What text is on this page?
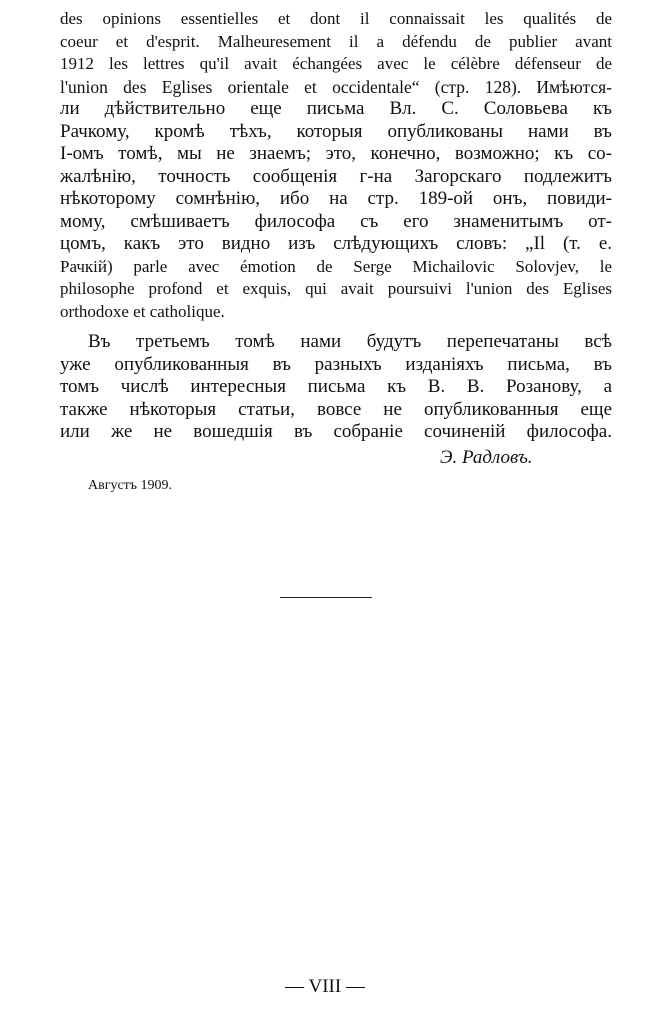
des opinions essentielles et dont il connaissait les qualités de
coeur et d'esprit. Malheuresement il a défendu de publier avant
1912 les lettres qu'il avait échangées avec le célèbre défenseur de
l'union des Eglises orientale et occidentale“ (стр. 128). Имѣются-
ли дѣйствительно еще письма Вл. С. Соловьева къ
Рачкому, кромѣ тѣхъ, которыя опубликованы нами въ
I-омъ томѣ, мы не знаемъ; это, конечно, возможно; къ со-
жалѣнію, точность сообщенія г-на Загорскаго подлежитъ
нѣкоторому сомнѣнію, ибо на стр. 189-ой онъ, повиди-
мому, смѣшиваетъ философа съ его знаменитымъ от-
цомъ, какъ это видно изъ слѣдующихъ словъ: „Il (т. е.
Рачкій) parle avec émotion de Serge Michailovic Solovjev, le
philosophe profond et exquis, qui avait poursuivi l'union des Eglises
orthodoxe et catholique.
Въ третьемъ томѣ нами будутъ перепечатаны всѣ
уже опубликованныя въ разныхъ изданіяхъ письма, въ
томъ числѣ интересныя письма къ В. В. Розанову, а
также нѣкоторыя статьи, вовсе не опубликованныя еще
или же не вошедшія въ собраніе сочиненій философа.
Э. Радловъ.
Августъ 1909.
— VIII —
